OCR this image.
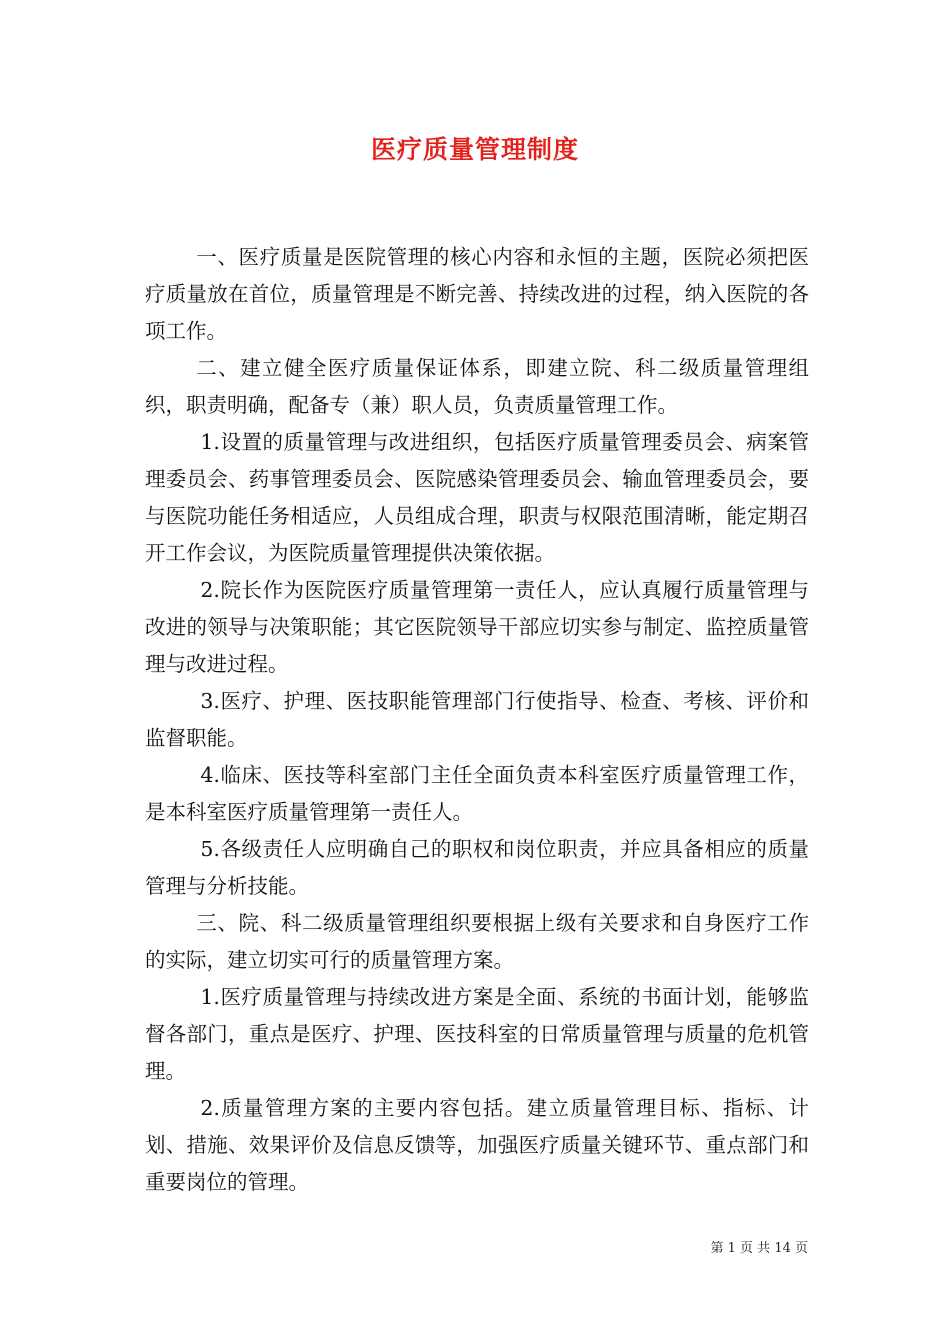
医疗质量管理制度

一、医疗质量是医院管理的核心内容和永恒的主题，医院必须把医疗质量放在首位，质量管理是不断完善、持续改进的过程，纳入医院的各项工作。

二、建立健全医疗质量保证体系，即建立院、科二级质量管理组织，职责明确，配备专（兼）职人员，负责质量管理工作。

1.设置的质量管理与改进组织，包括医疗质量管理委员会、病案管理委员会、药事管理委员会、医院感染管理委员会、输血管理委员会，要与医院功能任务相适应，人员组成合理，职责与权限范围清晰，能定期召开工作会议，为医院质量管理提供决策依据。

2.院长作为医院医疗质量管理第一责任人，应认真履行质量管理与改进的领导与决策职能；其它医院领导干部应切实参与制定、监控质量管理与改进过程。

3.医疗、护理、医技职能管理部门行使指导、检查、考核、评价和监督职能。

4.临床、医技等科室部门主任全面负责本科室医疗质量管理工作，是本科室医疗质量管理第一责任人。

5.各级责任人应明确自己的职权和岗位职责，并应具备相应的质量管理与分析技能。

三、院、科二级质量管理组织要根据上级有关要求和自身医疗工作的实际，建立切实可行的质量管理方案。

1.医疗质量管理与持续改进方案是全面、系统的书面计划，能够监督各部门，重点是医疗、护理、医技科室的日常质量管理与质量的危机管理。

2.质量管理方案的主要内容包括。建立质量管理目标、指标、计划、措施、效果评价及信息反馈等，加强医疗质量关键环节、重点部门和重要岗位的管理。

第 1 页 共 14 页
